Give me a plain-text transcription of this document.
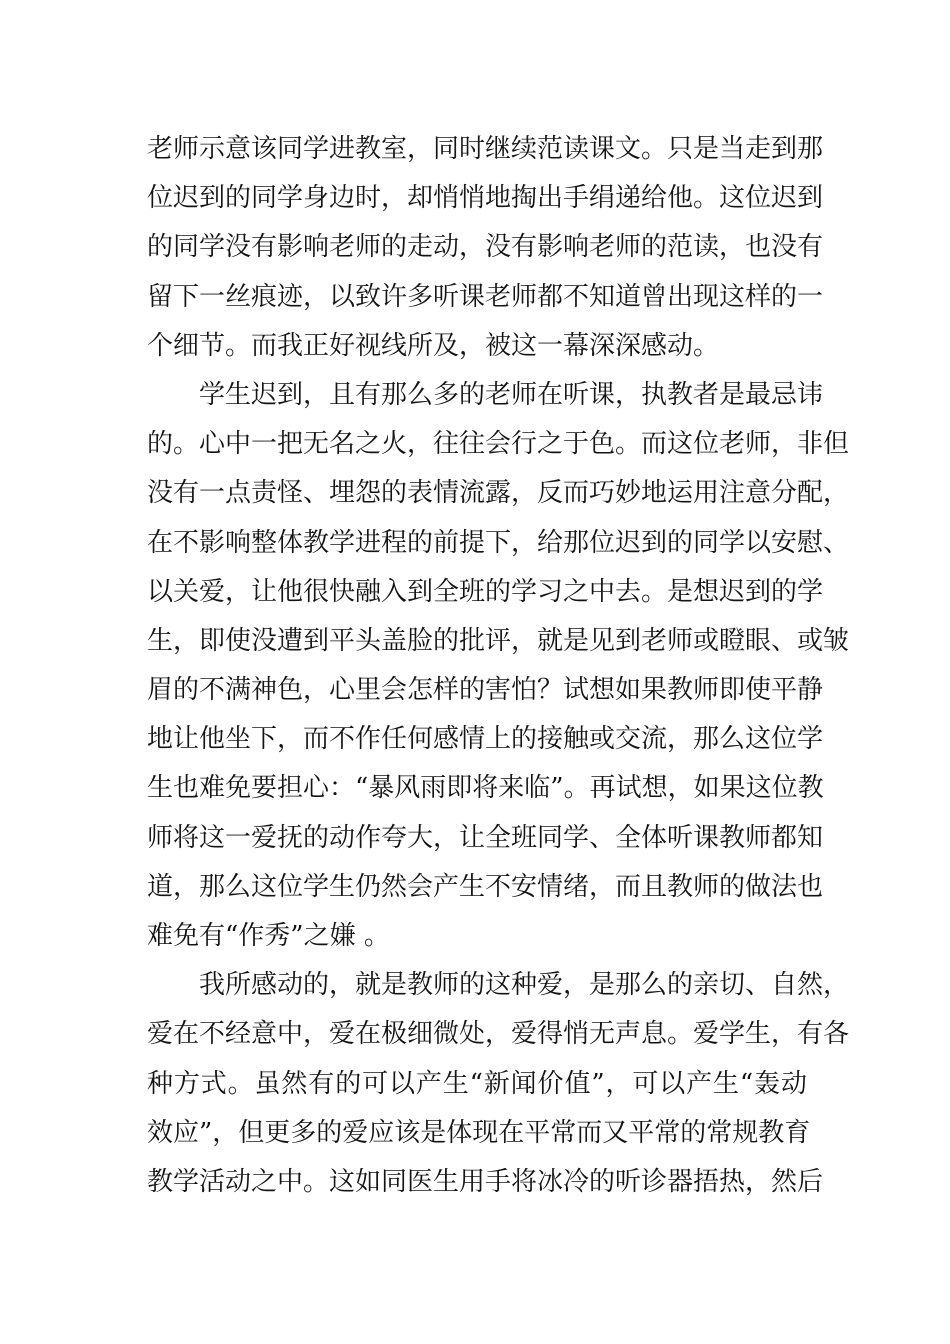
老师示意该同学进教室，同时继续范读课文。只是当走到那
位迟到的同学身边时，却悄悄地掏出手绢递给他。这位迟到
的同学没有影响老师的走动，没有影响老师的范读，也没有
留下一丝痕迹，以致许多听课老师都不知道曾出现这样的一
个细节。而我正好视线所及，被这一幕深深感动。
学生迟到，且有那么多的老师在听课，执教者是最忌讳
的。心中一把无名之火，往往会行之于色。而这位老师，非但
没有一点责怪、埋怨的表情流露，反而巧妙地运用注意分配，
在不影响整体教学进程的前提下，给那位迟到的同学以安慰、
以关爱，让他很快融入到全班的学习之中去。是想迟到的学
生，即使没遭到平头盖脸的批评，就是见到老师或瞪眼、或皱
眉的不满神色，心里会怎样的害怕？试想如果教师即使平静
地让他坐下，而不作任何感情上的接触或交流，那么这位学
生也难免要担心：“暴风雨即将来临”。再试想，如果这位教
师将这一爱抚的动作夸大，让全班同学、全体听课教师都知
道，那么这位学生仍然会产生不安情绪，而且教师的做法也
难免有“作秀”之嫌 。
我所感动的，就是教师的这种爱，是那么的亲切、自然，
爱在不经意中，爱在极细微处，爱得悄无声息。爱学生，有各
种方式。虽然有的可以产生“新闻价值”，可以产生“轰动
效应”，但更多的爱应该是体现在平常而又平常的常规教育
教学活动之中。这如同医生用手将冰冷的听诊器捂热，然后
